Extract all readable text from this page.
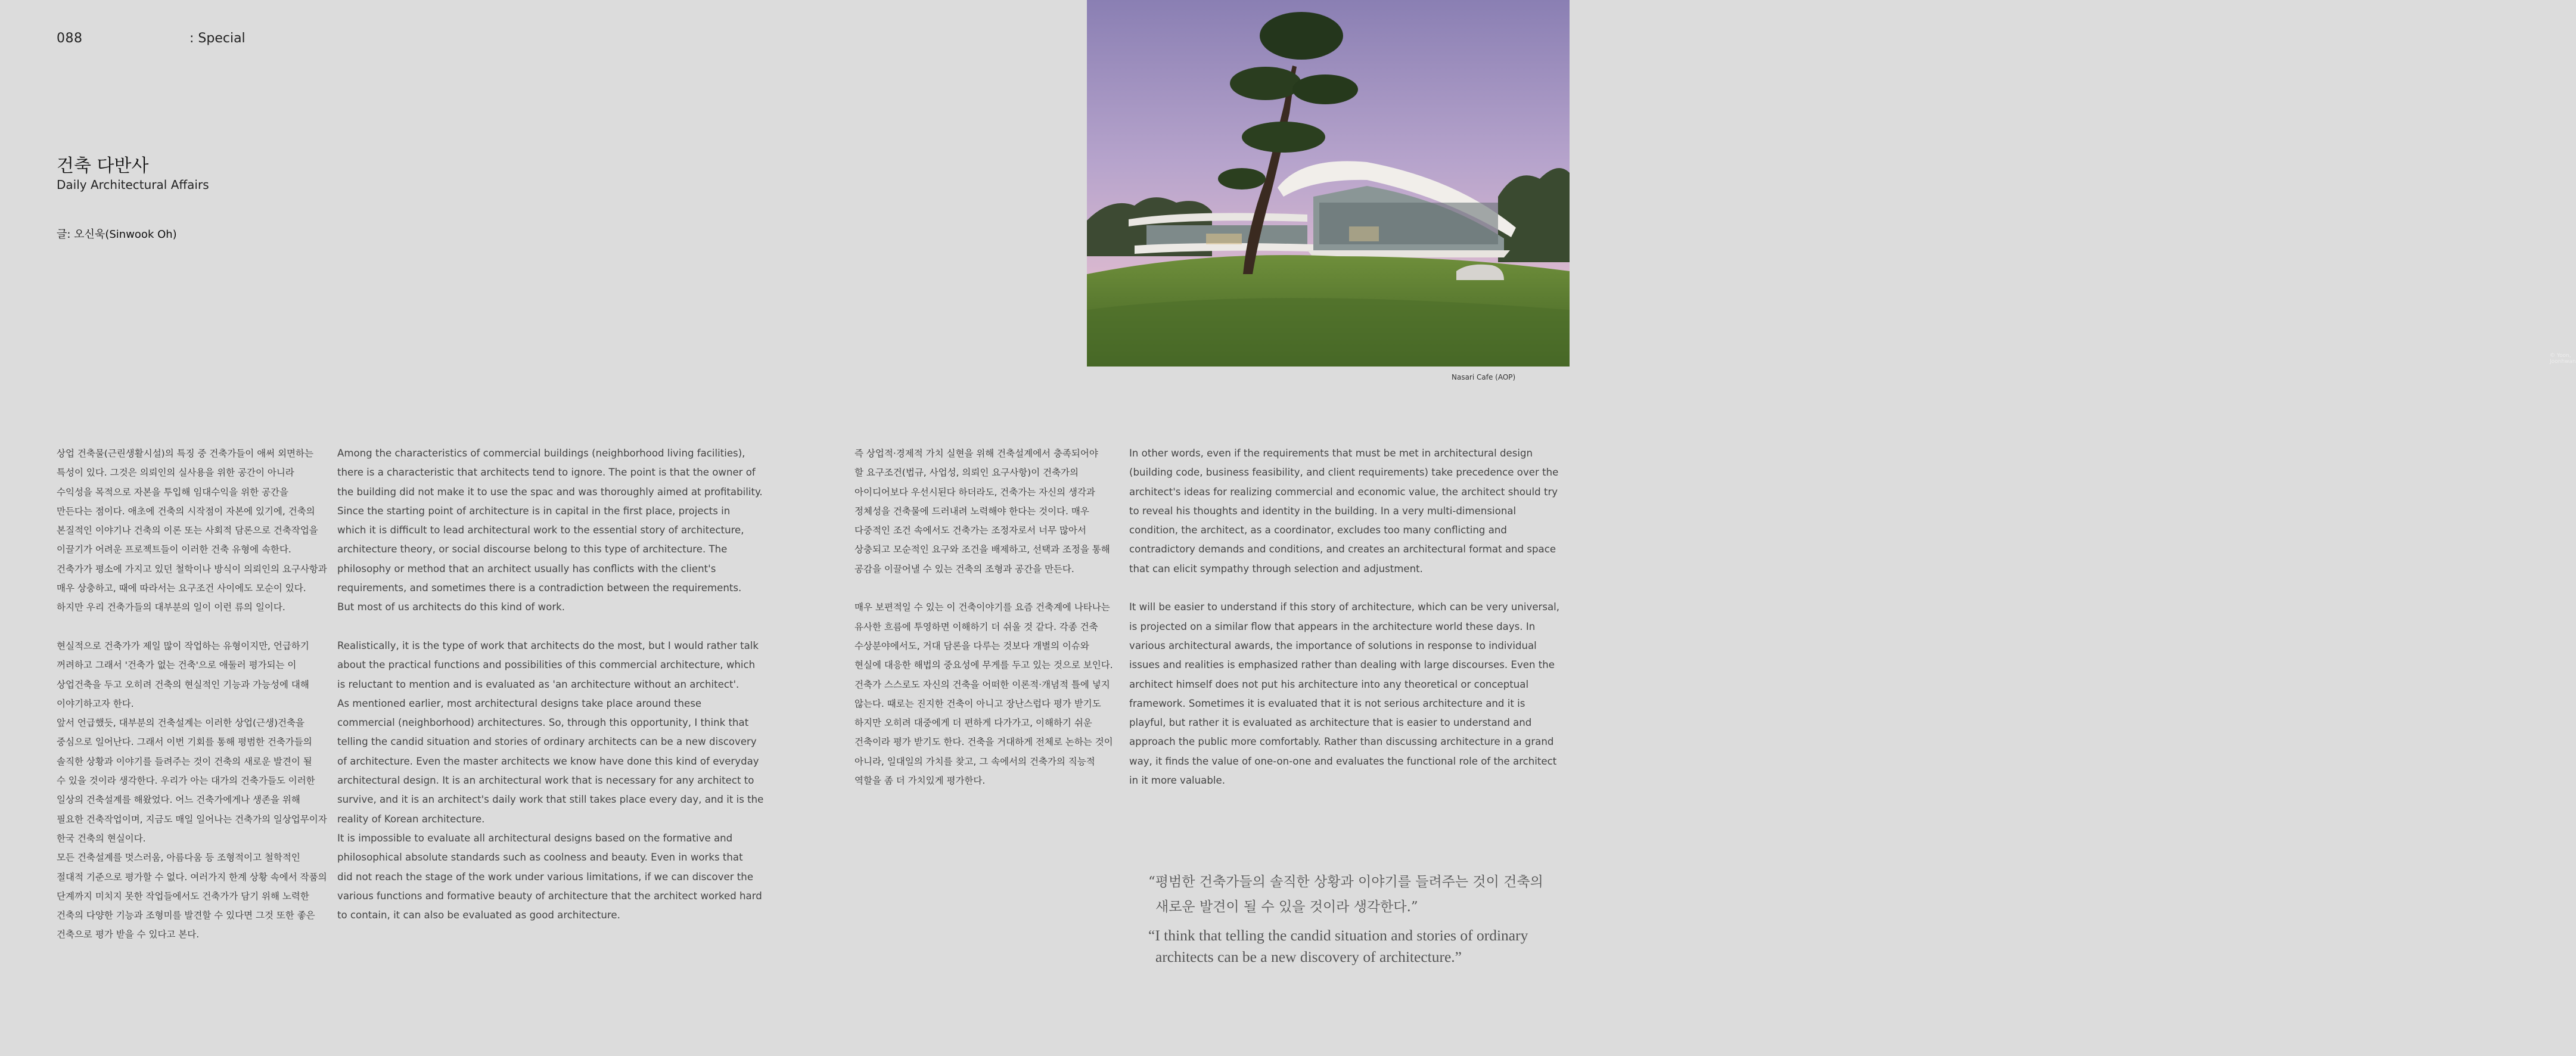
088	: Special
건축 다반사
Daily Architectural Affairs
글: 오신욱(Sinwook Oh)
© Yoon, Joonhwan
Nasari Cafe (AOP)

상업 건축물(근린생활시설)의 특징 중 건축가들이 애써 외면하는

특성이 있다. 그것은 의뢰인의 실사용을 위한 공간이 아니라

수익성을 목적으로 자본을 투입해 임대수익을 위한 공간을

만든다는 점이다. 애초에 건축의 시작점이 자본에 있기에, 건축의

본질적인 이야기나 건축의 이론 또는 사회적 담론으로 건축작업을

이끌기가 어려운 프로젝트들이 이러한 건축 유형에 속한다.

건축가가 평소에 가지고 있던 철학이나 방식이 의뢰인의 요구사항과

매우 상충하고, 때에 따라서는 요구조건 사이에도 모순이 있다.

하지만 우리 건축가들의 대부분의 일이 이런 류의 일이다.

현실적으로 건축가가 제일 많이 작업하는 유형이지만, 언급하기

꺼려하고 그래서 '건축가 없는 건축'으로 애둘러 평가되는 이

상업건축을 두고 오히려 건축의 현실적인 기능과 가능성에 대해

이야기하고자 한다.

앞서 언급했듯, 대부분의 건축설계는 이러한 상업(근생)건축을

중심으로 일어난다. 그래서 이번 기회를 통해 평범한 건축가들의

솔직한 상황과 이야기를 들려주는 것이 건축의 새로운 발견이 될

수 있을 것이라 생각한다. 우리가 아는 대가의 건축가들도 이러한

일상의 건축설계를 해왔었다. 어느 건축가에게나 생존을 위해

필요한 건축작업이며, 지금도 매일 일어나는 건축가의 일상업무이자

한국 건축의 현실이다.

모든 건축설계를 멋스러움, 아름다움 등 조형적이고 철학적인

절대적 기준으로 평가할 수 없다. 여러가지 한계 상황 속에서 작품의

단계까지 미치지 못한 작업들에서도 건축가가 담기 위해 노력한

건축의 다양한 기능과 조형미를 발견할 수 있다면 그것 또한 좋은

건축으로 평가 받을 수 있다고 본다.

Among the characteristics of commercial buildings (neighborhood living facilities),

there is a characteristic that architects tend to ignore. The point is that the owner of

the building did not make it to use the spac and was thoroughly aimed at profitability.

Since the starting point of architecture is in capital in the first place, projects in

which it is difficult to lead architectural work to the essential story of architecture,

architecture theory, or social discourse belong to this type of architecture. The

philosophy or method that an architect usually has conflicts with the client's

requirements, and sometimes there is a contradiction between the requirements.

But most of us architects do this kind of work.

Realistically, it is the type of work that architects do the most, but I would rather talk

about the practical functions and possibilities of this commercial architecture, which

is reluctant to mention and is evaluated as 'an architecture without an architect'.

As mentioned earlier, most architectural designs take place around these

commercial (neighborhood) architectures. So, through this opportunity, I think that

telling the candid situation and stories of ordinary architects can be a new discovery

of architecture. Even the master architects we know have done this kind of everyday

architectural design. It is an architectural work that is necessary for any architect to

survive, and it is an architect's daily work that still takes place every day, and it is the

reality of Korean architecture.

It is impossible to evaluate all architectural designs based on the formative and

philosophical absolute standards such as coolness and beauty. Even in works that

did not reach the stage of the work under various limitations, if we can discover the

various functions and formative beauty of architecture that the architect worked hard

to contain, it can also be evaluated as good architecture.

즉 상업적·경제적 가치 실현을 위해 건축설계에서 충족되어야

할 요구조건(법규, 사업성, 의뢰인 요구사항)이 건축가의

아이디어보다 우선시된다 하더라도, 건축가는 자신의 생각과

정체성을 건축물에 드러내려 노력해야 한다는 것이다. 매우

다중적인 조건 속에서도 건축가는 조정자로서 너무 많아서

상충되고 모순적인 요구와 조건을 배제하고, 선택과 조정을 통해

공감을 이끌어낼 수 있는 건축의 조형과 공간을 만든다.

매우 보편적일 수 있는 이 건축이야기를 요즘 건축계에 나타나는

유사한 흐름에 투영하면 이해하기 더 쉬울 것 같다. 각종 건축

수상분야에서도, 거대 담론을 다루는 것보다 개별의 이슈와

현실에 대응한 해법의 중요성에 무게를 두고 있는 것으로 보인다.

건축가 스스로도 자신의 건축을 어떠한 이론적·개념적 틀에 넣지

않는다. 때로는 진지한 건축이 아니고 장난스럽다 평가 받기도

하지만 오히려 대중에게 더 편하게 다가가고, 이해하기 쉬운

건축이라 평가 받기도 한다. 건축을 거대하게 전체로 논하는 것이

아니라, 일대일의 가치를 찾고, 그 속에서의 건축가의 직능적

역할을 좀 더 가치있게 평가한다.

In other words, even if the requirements that must be met in architectural design

(building code, business feasibility, and client requirements) take precedence over the

architect's ideas for realizing commercial and economic value, the architect should try

to reveal his thoughts and identity in the building. In a very multi-dimensional

condition, the architect, as a coordinator, excludes too many conflicting and

contradictory demands and conditions, and creates an architectural format and space

that can elicit sympathy through selection and adjustment.

It will be easier to understand if this story of architecture, which can be very universal,

is projected on a similar flow that appears in the architecture world these days. In

various architectural awards, the importance of solutions in response to individual

issues and realities is emphasized rather than dealing with large discourses. Even the

architect himself does not put his architecture into any theoretical or conceptual

framework. Sometimes it is evaluated that it is not serious architecture and it is

playful, but rather it is evaluated as architecture that is easier to understand and

approach the public more comfortably. Rather than discussing architecture in a grand

way, it finds the value of one-on-one and evaluates the functional role of the architect

in it more valuable.

“평범한 건축가들의 솔직한 상황과 이야기를 들려주는 것이 건축의
새로운 발견이 될 수 있을 것이라 생각한다.”
“I think that telling the candid situation and stories of ordinary
architects can be a new discovery of architecture.”
